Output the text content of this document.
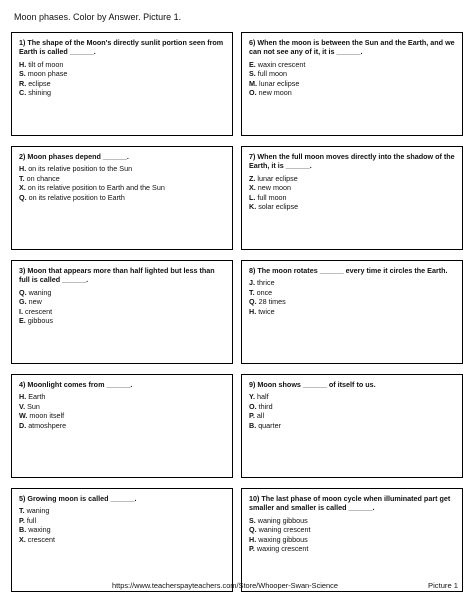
Moon phases. Color by Answer. Picture 1.

1) The shape of the Moon's directly sunlit portion seen from Earth is called ______.

H. tilt of moon
S. moon phase
R. eclipse
C. shining

6) When the moon is between the Sun and the Earth, and we can not see any of it, it is ______.

E. waxin crescent
S. full moon
M. lunar eclipse
O. new moon

2) Moon phases depend ______.

H. on its relative position to the Sun
T. on chance
X. on its relative position to Earth and the Sun
Q. on its relative position to Earth

7) When the full moon moves directly into the shadow of the Earth, it is ______.

Z. lunar eclipse
X. new moon
L. full moon
K. solar eclipse

3) Moon that appears more than half lighted but less than full is called ______.

Q. waning
G. new
I. crescent
E. gibbous

8) The moon rotates ______ every time it circles the Earth.

J. thrice
T. once
Q. 28 times
H. twice

4) Moonlight comes from ______.

H. Earth
V. Sun
W. moon itself
D. atmoshpere

9) Moon shows ______ of itself to us.

Y. half
O. third
P. all
B. quarter

5) Growing moon is called ______.

T. waning
P. full
B. waxing
X. crescent

10) The last phase of moon cycle when illuminated part get smaller and smaller is called ______.

S. waning gibbous
Q. waning crescent
H. waxing gibbous
P. waxing crescent
https://www.teacherspayteachers.com/Store/Whooper-Swan-Science	Picture 1
